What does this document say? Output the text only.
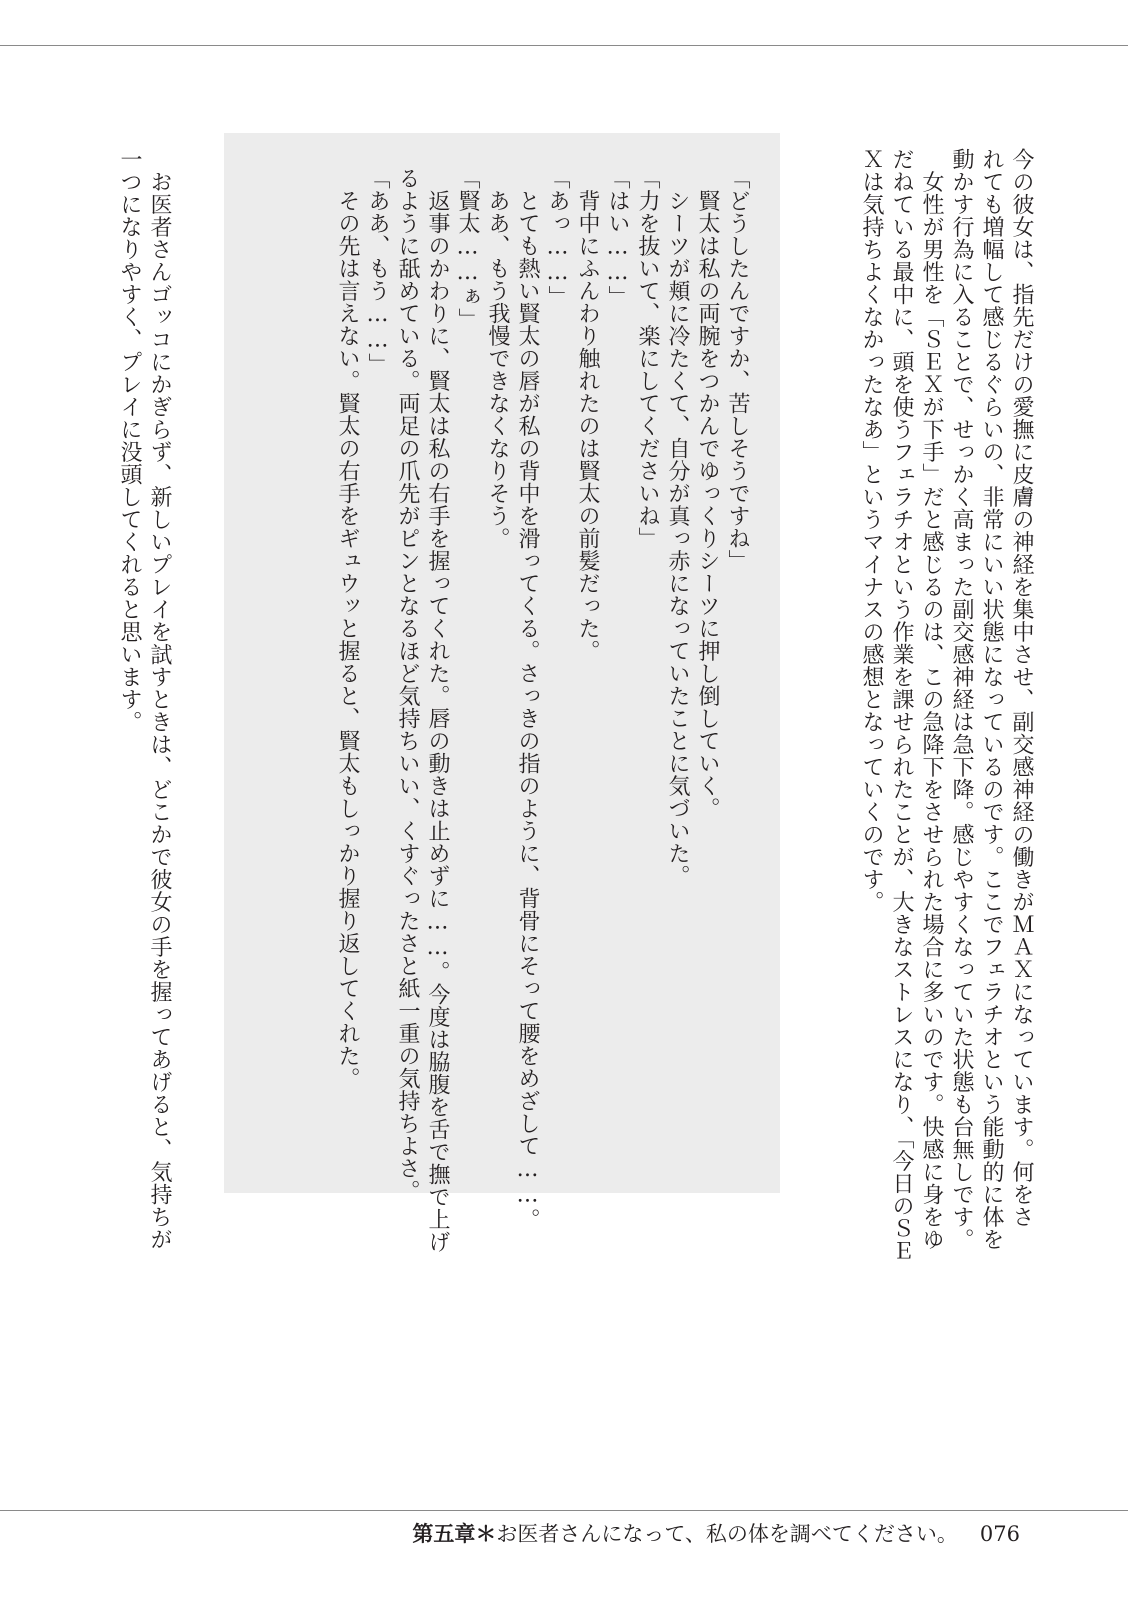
今の彼女は、指先だけの愛撫に皮膚の神経を集中させ、副交感神経の働きがＭＡＸになっています。何をさ
れても増幅して感じるぐらいの、非常にいい状態になっているのです。ここでフェラチオという能動的に体を
動かす行為に入ることで、せっかく高まった副交感神経は急下降。感じやすくなっていた状態も台無しです。
　女性が男性を「ＳＥＸが下手」だと感じるのは、この急降下をさせられた場合に多いのです。快感に身をゆ
だねている最中に、頭を使うフェラチオという作業を課せられたことが、大きなストレスになり、「今日のＳＥ
Ｘは気持ちよくなかったなあ」というマイナスの感想となっていくのです。
「どうしたんですか、苦しそうですね」
　賢太は私の両腕をつかんでゆっくりシーツに押し倒していく。
　シーツが頬に冷たくて、自分が真っ赤になっていたことに気づいた。
「力を抜いて、楽にしてくださいね」
「はい……」
　背中にふんわり触れたのは賢太の前髪だった。
「あっ……」
　とても熱い賢太の唇が私の背中を滑ってくる。さっきの指のように、背骨にそって腰をめざして……。
　ああ、もう我慢できなくなりそう。
「賢太……ぁ」
　返事のかわりに、賢太は私の右手を握ってくれた。唇の動きは止めずに……。今度は脇腹を舌で撫で上げ
るように舐めている。両足の爪先がピンとなるほど気持ちいい、くすぐったさと紙一重の気持ちよさ。
「ああ、もう……」
　その先は言えない。賢太の右手をギュウッと握ると、賢太もしっかり握り返してくれた。
　お医者さんゴッコにかぎらず、新しいプレイを試すときは、どこかで彼女の手を握ってあげると、気持ちが
一つになりやすく、プレイに没頭してくれると思います。
第五章＊お医者さんになって、私の体を調べてください。 076
